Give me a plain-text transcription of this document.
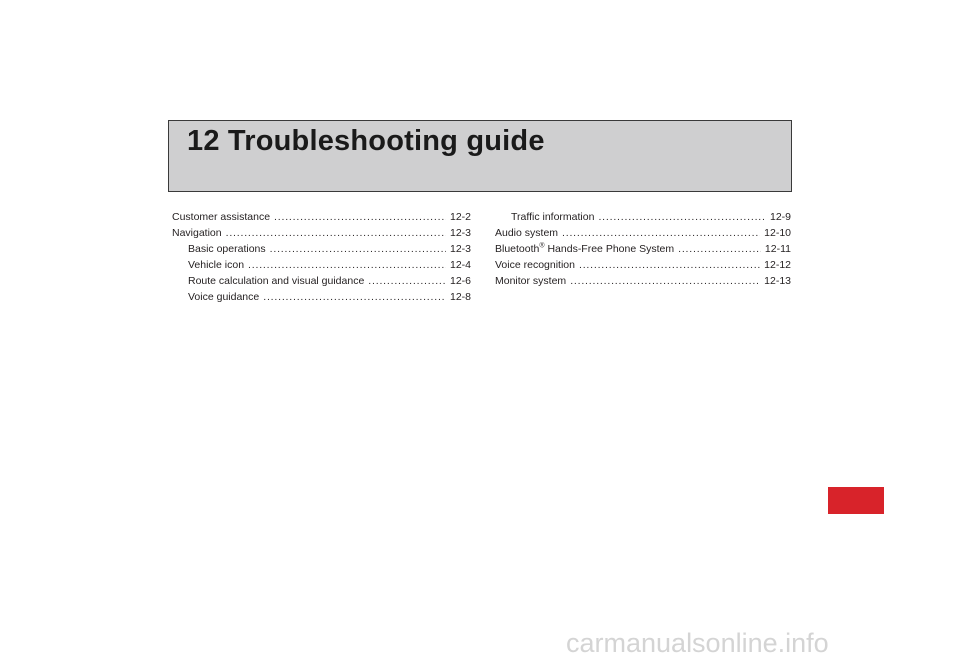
12 Troubleshooting guide
Customer assistance .....	12-2
Navigation .....	12-3
Basic operations .....	12-3
Vehicle icon .....	12-4
Route calculation and visual guidance .....	12-6
Voice guidance .....	12-8
Traffic information .....	12-9
Audio system .....	12-10
Bluetooth® Hands-Free Phone System .....	12-11
Voice recognition .....	12-12
Monitor system .....	12-13
carmanualsonline.info
